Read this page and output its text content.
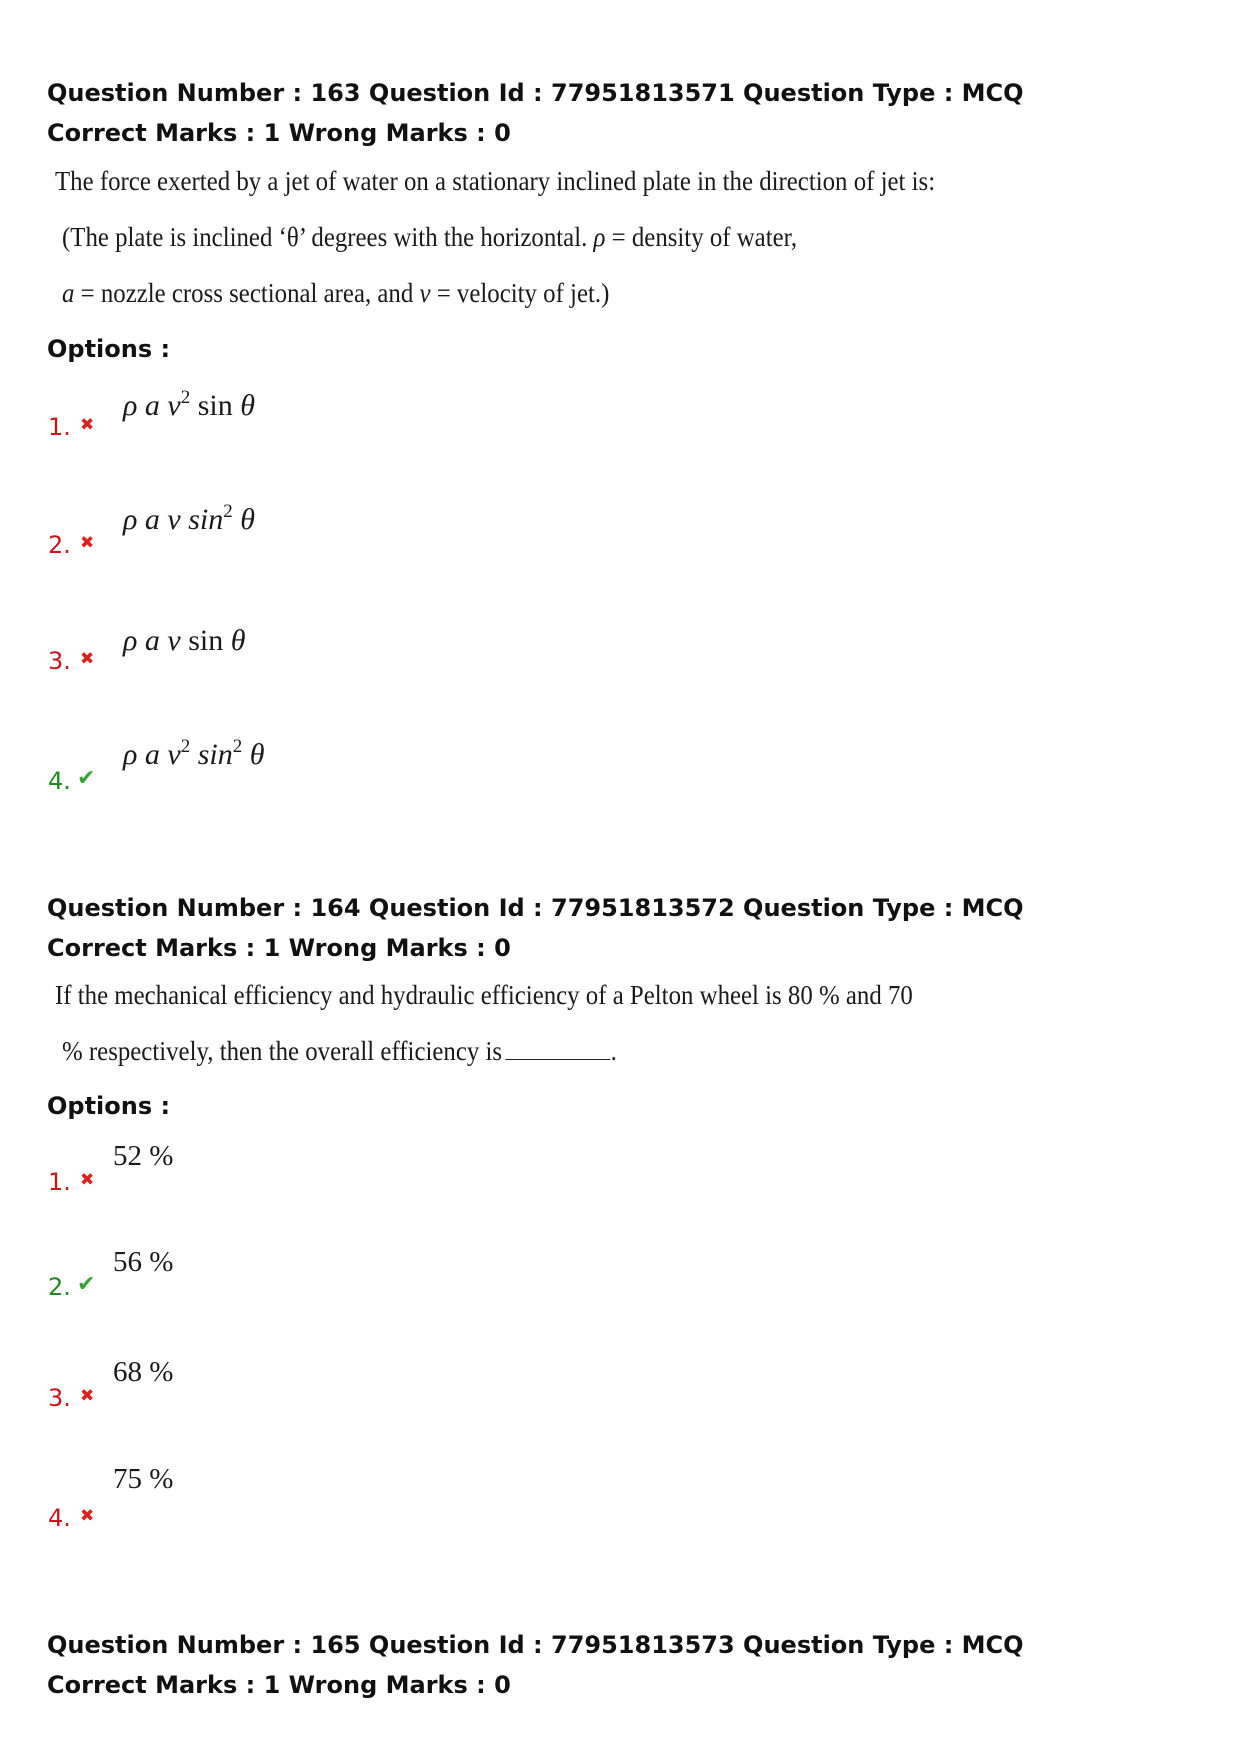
Question Number : 163 Question Id : 77951813571 Question Type : MCQ
Correct Marks : 1 Wrong Marks : 0
The force exerted by a jet of water on a stationary inclined plate in the direction of jet is:
(The plate is inclined ‘θ’ degrees with the horizontal. ρ = density of water,
a = nozzle cross sectional area, and v = velocity of jet.)
Options :
1. ✖
ρ a $v^2$ sin θ
2. ✖
ρ a v $\sin^2 \theta$
3. ✖
ρ a v sin θ
4. ✔
ρ a $v^2$ $\sin^2 \theta$
Question Number : 164 Question Id : 77951813572 Question Type : MCQ
Correct Marks : 1 Wrong Marks : 0
If the mechanical efficiency and hydraulic efficiency of a Pelton wheel is 80 % and 70
% respectively, then the overall efficiency is	.
Options :
1. ✖
52 %
2. ✔
56 %
3. ✖
68 %
4. ✖
75 %
Question Number : 165 Question Id : 77951813573 Question Type : MCQ
Correct Marks : 1 Wrong Marks : 0
